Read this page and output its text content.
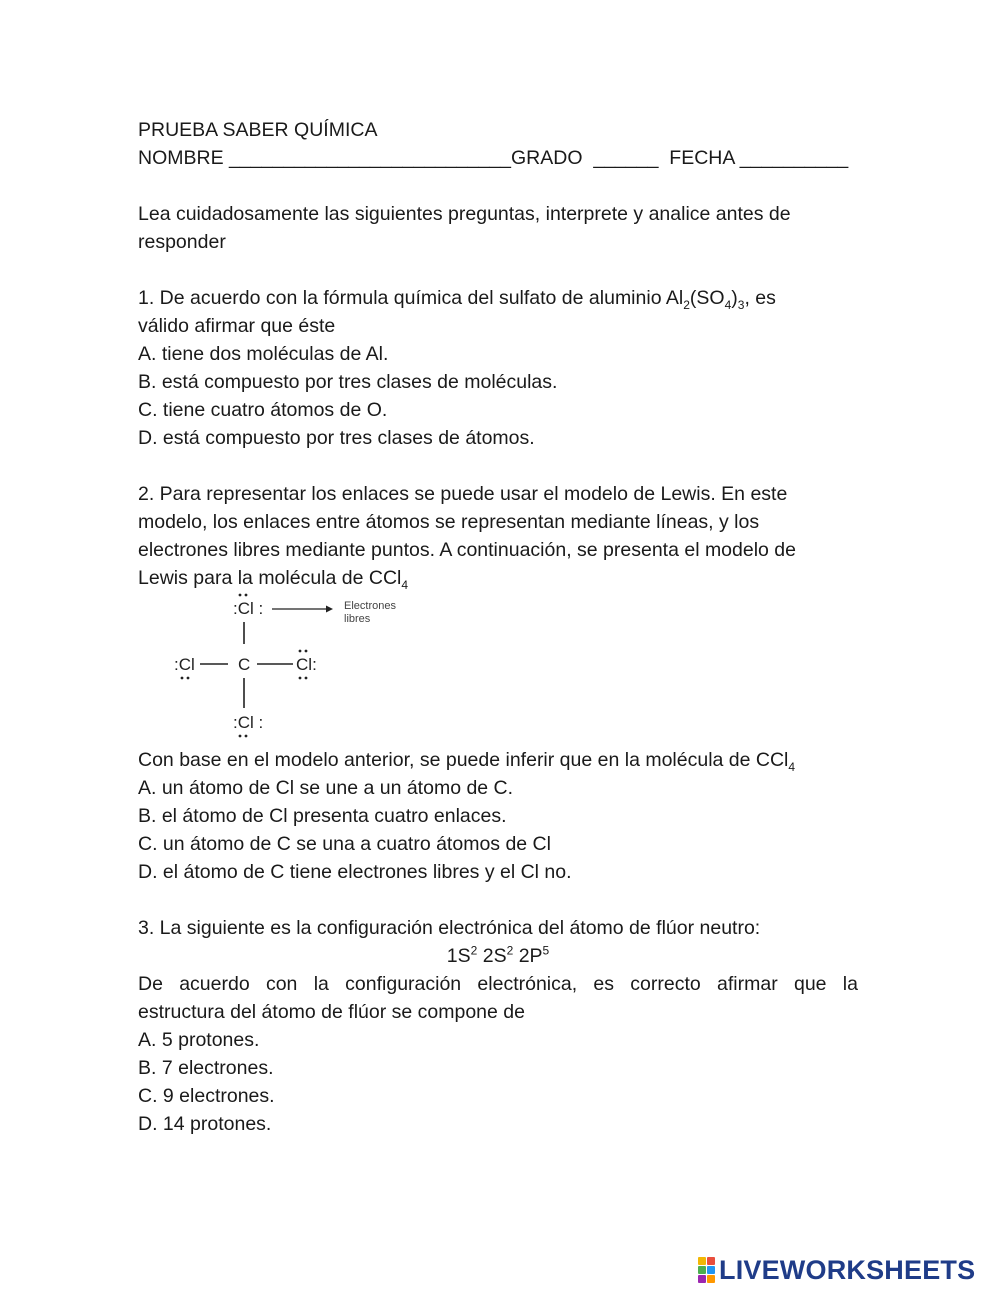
PRUEBA SABER QUÍMICA
NOMBRE __________________________GRADO ______ FECHA __________
Lea cuidadosamente las siguientes preguntas, interprete y analice antes de
responder
1. De acuerdo con la fórmula química del sulfato de aluminio $Al_2(SO_4)_3$, es
válido afirmar que éste
A. tiene dos moléculas de Al.
B. está compuesto por tres clases de moléculas.
C. tiene cuatro átomos de O.
D. está compuesto por tres clases de átomos.
2. Para representar los enlaces se puede usar el modelo de Lewis. En este
modelo, los enlaces entre átomos se representan mediante líneas, y los
electrones libres mediante puntos. A continuación, se presenta el modelo de
Lewis para la molécula de CCl$_4$
:Cl :	Electrones
libres
:Cl	C	Cl:
:Cl :
Con base en el modelo anterior, se puede inferir que en la molécula de CCl$_4$
A. un átomo de Cl se une a un átomo de C.
B. el átomo de Cl presenta cuatro enlaces.
C. un átomo de C se una a cuatro átomos de Cl
D. el átomo de C tiene electrones libres y el Cl no.
3. La siguiente es la configuración electrónica del átomo de flúor neutro:
$1S^2$ $2S^2$ $2P^5$
De acuerdo con la configuración electrónica, es correcto afirmar que la
estructura del átomo de flúor se compone de
A. 5 protones.
B. 7 electrones.
C. 9 electrones.
D. 14 protones.
LIVEWORKSHEETS
